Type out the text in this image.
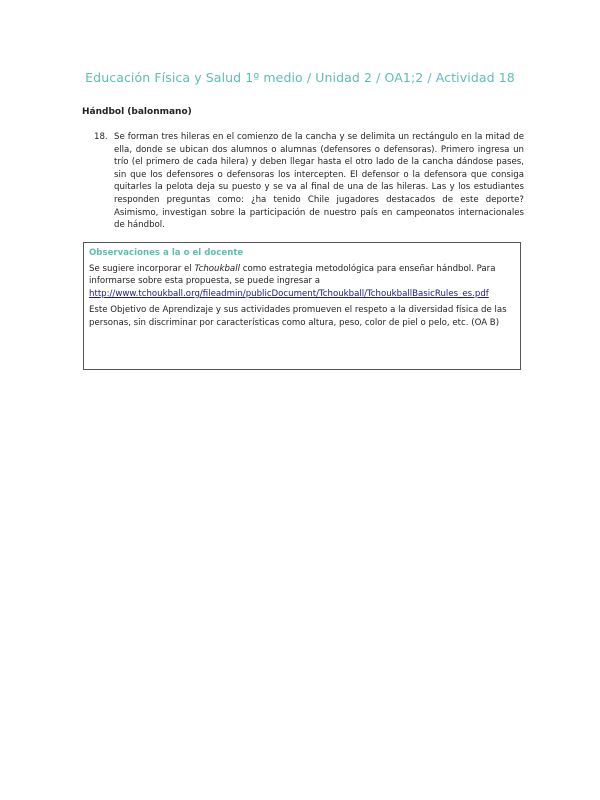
Educación Física y Salud 1º medio / Unidad 2 / OA1;2 / Actividad 18
Hándbol (balonmano)
18. Se forman tres hileras en el comienzo de la cancha y se delimita un rectángulo en la mitad de ella, donde se ubican dos alumnos o alumnas (defensores o defensoras). Primero ingresa un trío (el primero de cada hilera) y deben llegar hasta el otro lado de la cancha dándose pases, sin que los defensores o defensoras los intercepten. El defensor o la defensora que consiga quitarles la pelota deja su puesto y se va al final de una de las hileras. Las y los estudiantes responden preguntas como: ¿ha tenido Chile jugadores destacados de este deporte? Asimismo, investigan sobre la participación de nuestro país en campeonatos internacionales de hándbol.
Observaciones a la o el docente

Se sugiere incorporar el Tchoukball como estrategia metodológica para enseñar hándbol. Para informarse sobre esta propuesta, se puede ingresar a
http://www.tchoukball.org/fileadmin/publicDocument/Tchoukball/TchoukballBasicRules_es.pdf

Este Objetivo de Aprendizaje y sus actividades promueven el respeto a la diversidad física de las personas, sin discriminar por características como altura, peso, color de piel o pelo, etc. (OA B)
